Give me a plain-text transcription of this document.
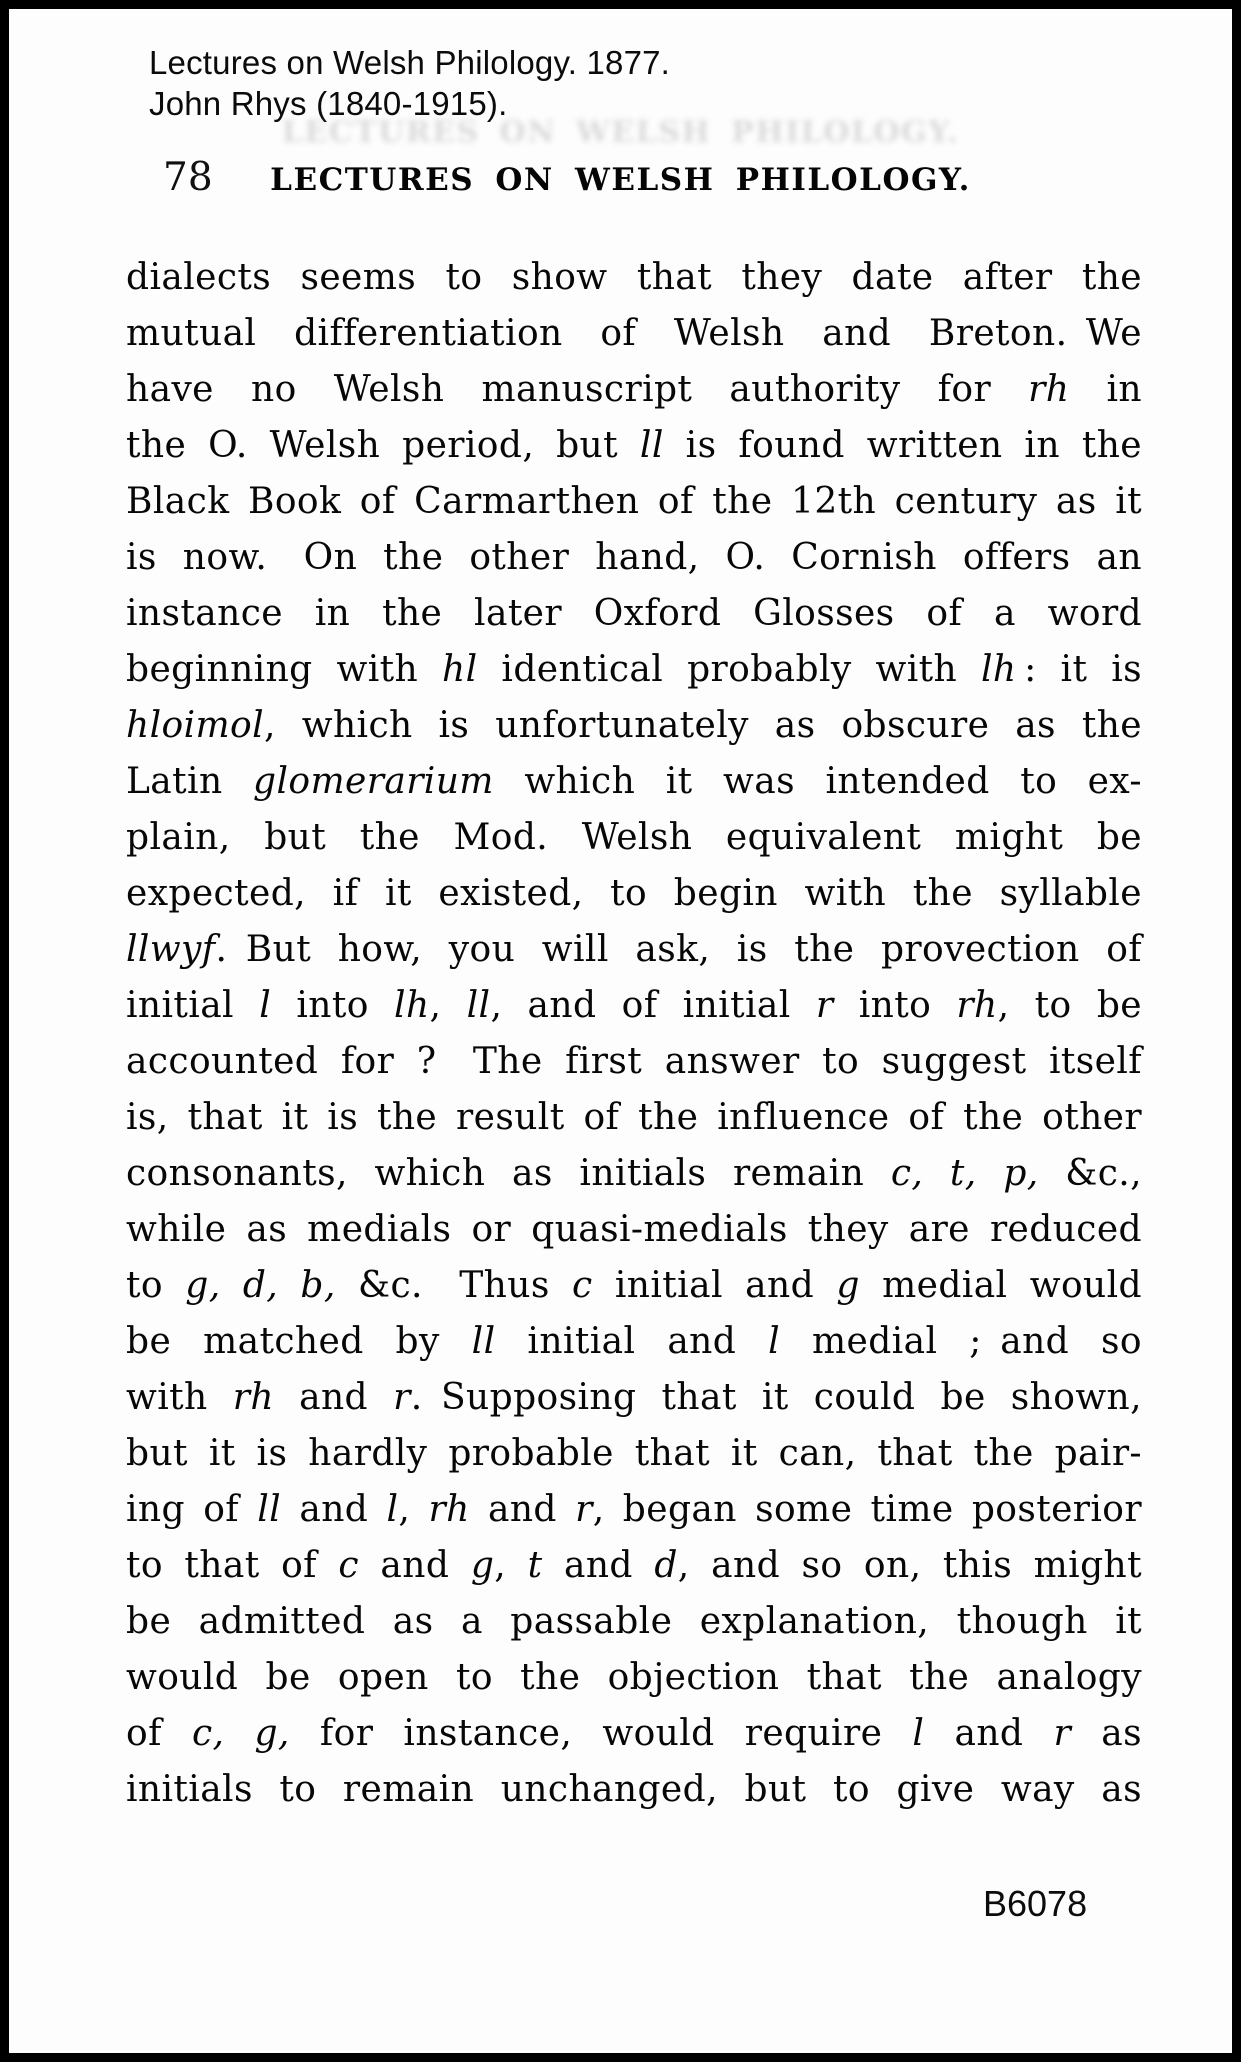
Lectures on Welsh Philology. 1877.
John Rhys (1840-1915).
LECTURES ON WELSH PHILOLOGY.
78	LECTURES ON WELSH PHILOLOGY.
dialects seems to show that they date after the
mutual differentiation of Welsh and Breton. We
have no Welsh manuscript authority for rh in
the O. Welsh period, but ll is found written in the
Black Book of Carmarthen of the 12th century as it
is now. On the other hand, O. Cornish offers an
instance in the later Oxford Glosses of a word
beginning with hl identical probably with lh : it is
hloimol, which is unfortunately as obscure as the
Latin glomerarium which it was intended to ex-
plain, but the Mod. Welsh equivalent might be
expected, if it existed, to begin with the syllable
llwyf. But how, you will ask, is the provection of
initial l into lh, ll, and of initial r into rh, to be
accounted for ? The first answer to suggest itself
is, that it is the result of the influence of the other
consonants, which as initials remain c, t, p, &c.,
while as medials or quasi-medials they are reduced
to g, d, b, &c. Thus c initial and g medial would
be matched by ll initial and l medial ; and so
with rh and r. Supposing that it could be shown,
but it is hardly probable that it can, that the pair-
ing of ll and l, rh and r, began some time posterior
to that of c and g, t and d, and so on, this might
be admitted as a passable explanation, though it
would be open to the objection that the analogy
of c, g, for instance, would require l and r as
initials to remain unchanged, but to give way as
B6078
